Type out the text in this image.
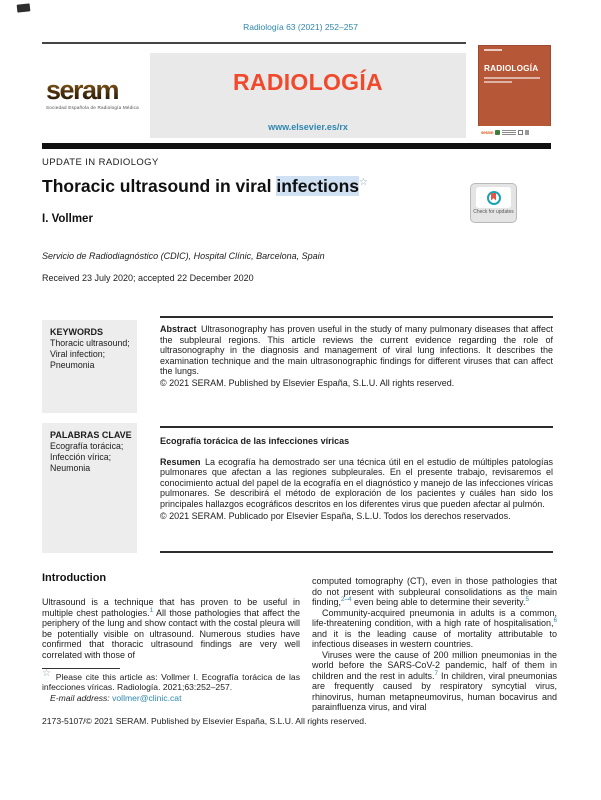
Radiología 63 (2021) 252–257
seram
Sociedad Española de Radiología Médica
RADIOLOGÍA
www.elsevier.es/rx
RADIOLOGÍA
seram
UPDATE IN RADIOLOGY
Thoracic ultrasound in viral infections☆
Check for updates
I. Vollmer
Servicio de Radiodiagnóstico (CDIC), Hospital Clínic, Barcelona, Spain
Received 23 July 2020; accepted 22 December 2020
KEYWORDS
Thoracic ultrasound;
Viral infection;
Pneumonia
Abstract Ultrasonography has proven useful in the study of many pulmonary diseases that affect the subpleural regions. This article reviews the current evidence regarding the role of ultrasonography in the diagnosis and management of viral lung infections. It describes the examination technique and the main ultrasonographic findings for different viruses that can affect the lungs.
© 2021 SERAM. Published by Elsevier España, S.L.U. All rights reserved.
PALABRAS CLAVE
Ecografía torácica;
Infección vírica;
Neumonia
Ecografía torácica de las infecciones víricas
Resumen La ecografía ha demostrado ser una técnica útil en el estudio de múltiples patologías pulmonares que afectan a las regiones subpleurales. En el presente trabajo, revisaremos el conocimiento actual del papel de la ecografía en el diagnóstico y manejo de las infecciones víricas pulmonares. Se describirá el método de exploración de los pacientes y cuáles han sido los principales hallazgos ecográficos descritos en los diferentes virus que pueden afectar al pulmón.
© 2021 SERAM. Publicado por Elsevier España, S.L.U. Todos los derechos reservados.
Introduction

Ultrasound is a technique that has proven to be useful in multiple chest pathologies.$^1$ All those pathologies that affect the periphery of the lung and show contact with the costal pleura will be potentially visible on ultrasound. Numerous studies have confirmed that thoracic ultrasound findings are very well correlated with those of

computed tomography (CT), even in those pathologies that do not present with subpleural consolidations as the main finding,$^{2-4}$ even being able to determine their severity.$^5$

Community-acquired pneumonia in adults is a common, life-threatening condition, with a high rate of hospitalisation,$^6$ and it is the leading cause of mortality attributable to infectious diseases in western countries.

Viruses were the cause of 200 million pneumonias in the world before the SARS-CoV-2 pandemic, half of them in children and the rest in adults.$^7$ In children, viral pneumonias are frequently caused by respiratory syncytial virus, rhinovirus, human metapneumovirus, human bocavirus and parainfluenza virus, and viral

☆ Please cite this article as: Vollmer I. Ecografía torácica de las infecciones víricas. Radiología. 2021;63:252–257.
E-mail address: vollmer@clinic.cat
2173-5107/© 2021 SERAM. Published by Elsevier España, S.L.U. All rights reserved.
